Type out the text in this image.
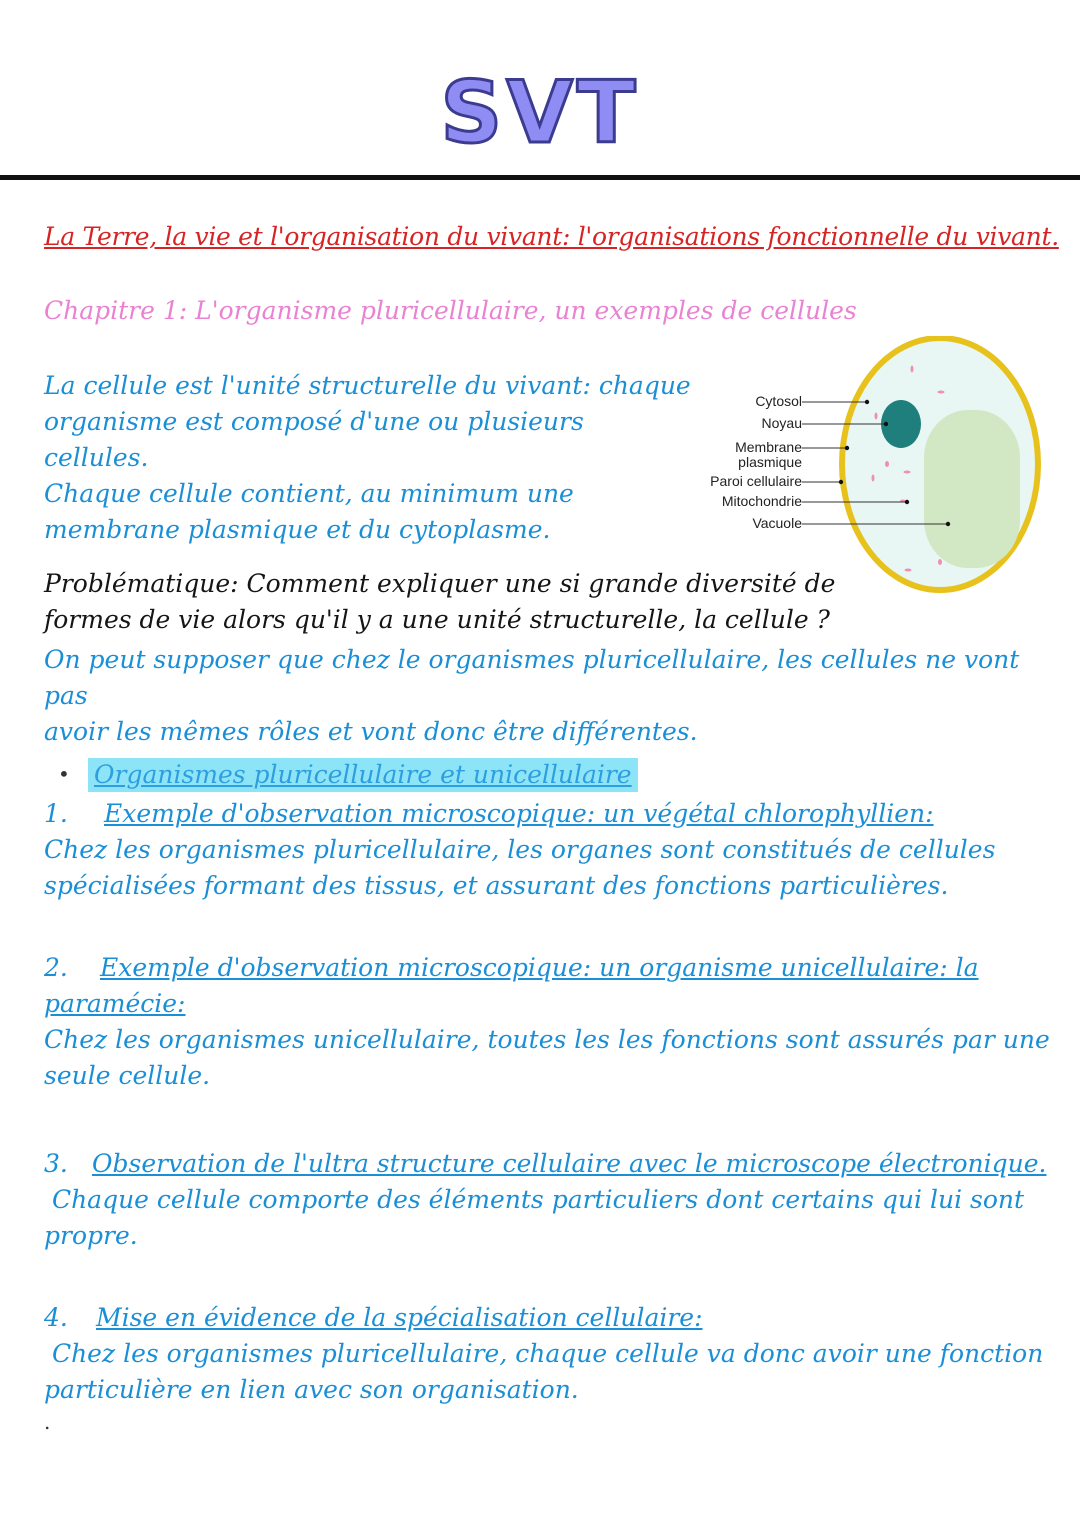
SVT
La Terre, la vie et l'organisation du vivant: l'organisations fonctionnelle du vivant.
Chapitre 1: L'organisme pluricellulaire, un exemples de cellules
La cellule est l'unité structurelle du vivant: chaque
organisme est composé d'une ou plusieurs cellules.
Chaque cellule contient, au minimum une
membrane plasmique et du cytoplasme.
Cytosol
Noyau
Membrane
plasmique
Paroi cellulaire
Mitochondrie
Vacuole
Problématique: Comment expliquer une si grande diversité de
formes de vie alors qu'il y a une unité structurelle, la cellule ?
On peut supposer que chez le organismes pluricellulaire, les cellules ne vont pas
avoir les mêmes rôles et vont donc être différentes.
• Organismes pluricellulaire et unicellulaire
1. Exemple d'observation microscopique: un végétal chlorophyllien:
Chez les organismes pluricellulaire, les organes sont constitués de cellules
spécialisées formant des tissus, et assurant des fonctions particulières.
2. Exemple d'observation microscopique: un organisme unicellulaire: la
paramécie:
Chez les organismes unicellulaire, toutes les les fonctions sont assurés par une
seule cellule.
3. Observation de l'ultra structure cellulaire avec le microscope électronique.
Chaque cellule comporte des éléments particuliers dont certains qui lui sont
propre.
4. Mise en évidence de la spécialisation cellulaire:
Chez les organismes pluricellulaire, chaque cellule va donc avoir une fonction
particulière en lien avec son organisation.
.
